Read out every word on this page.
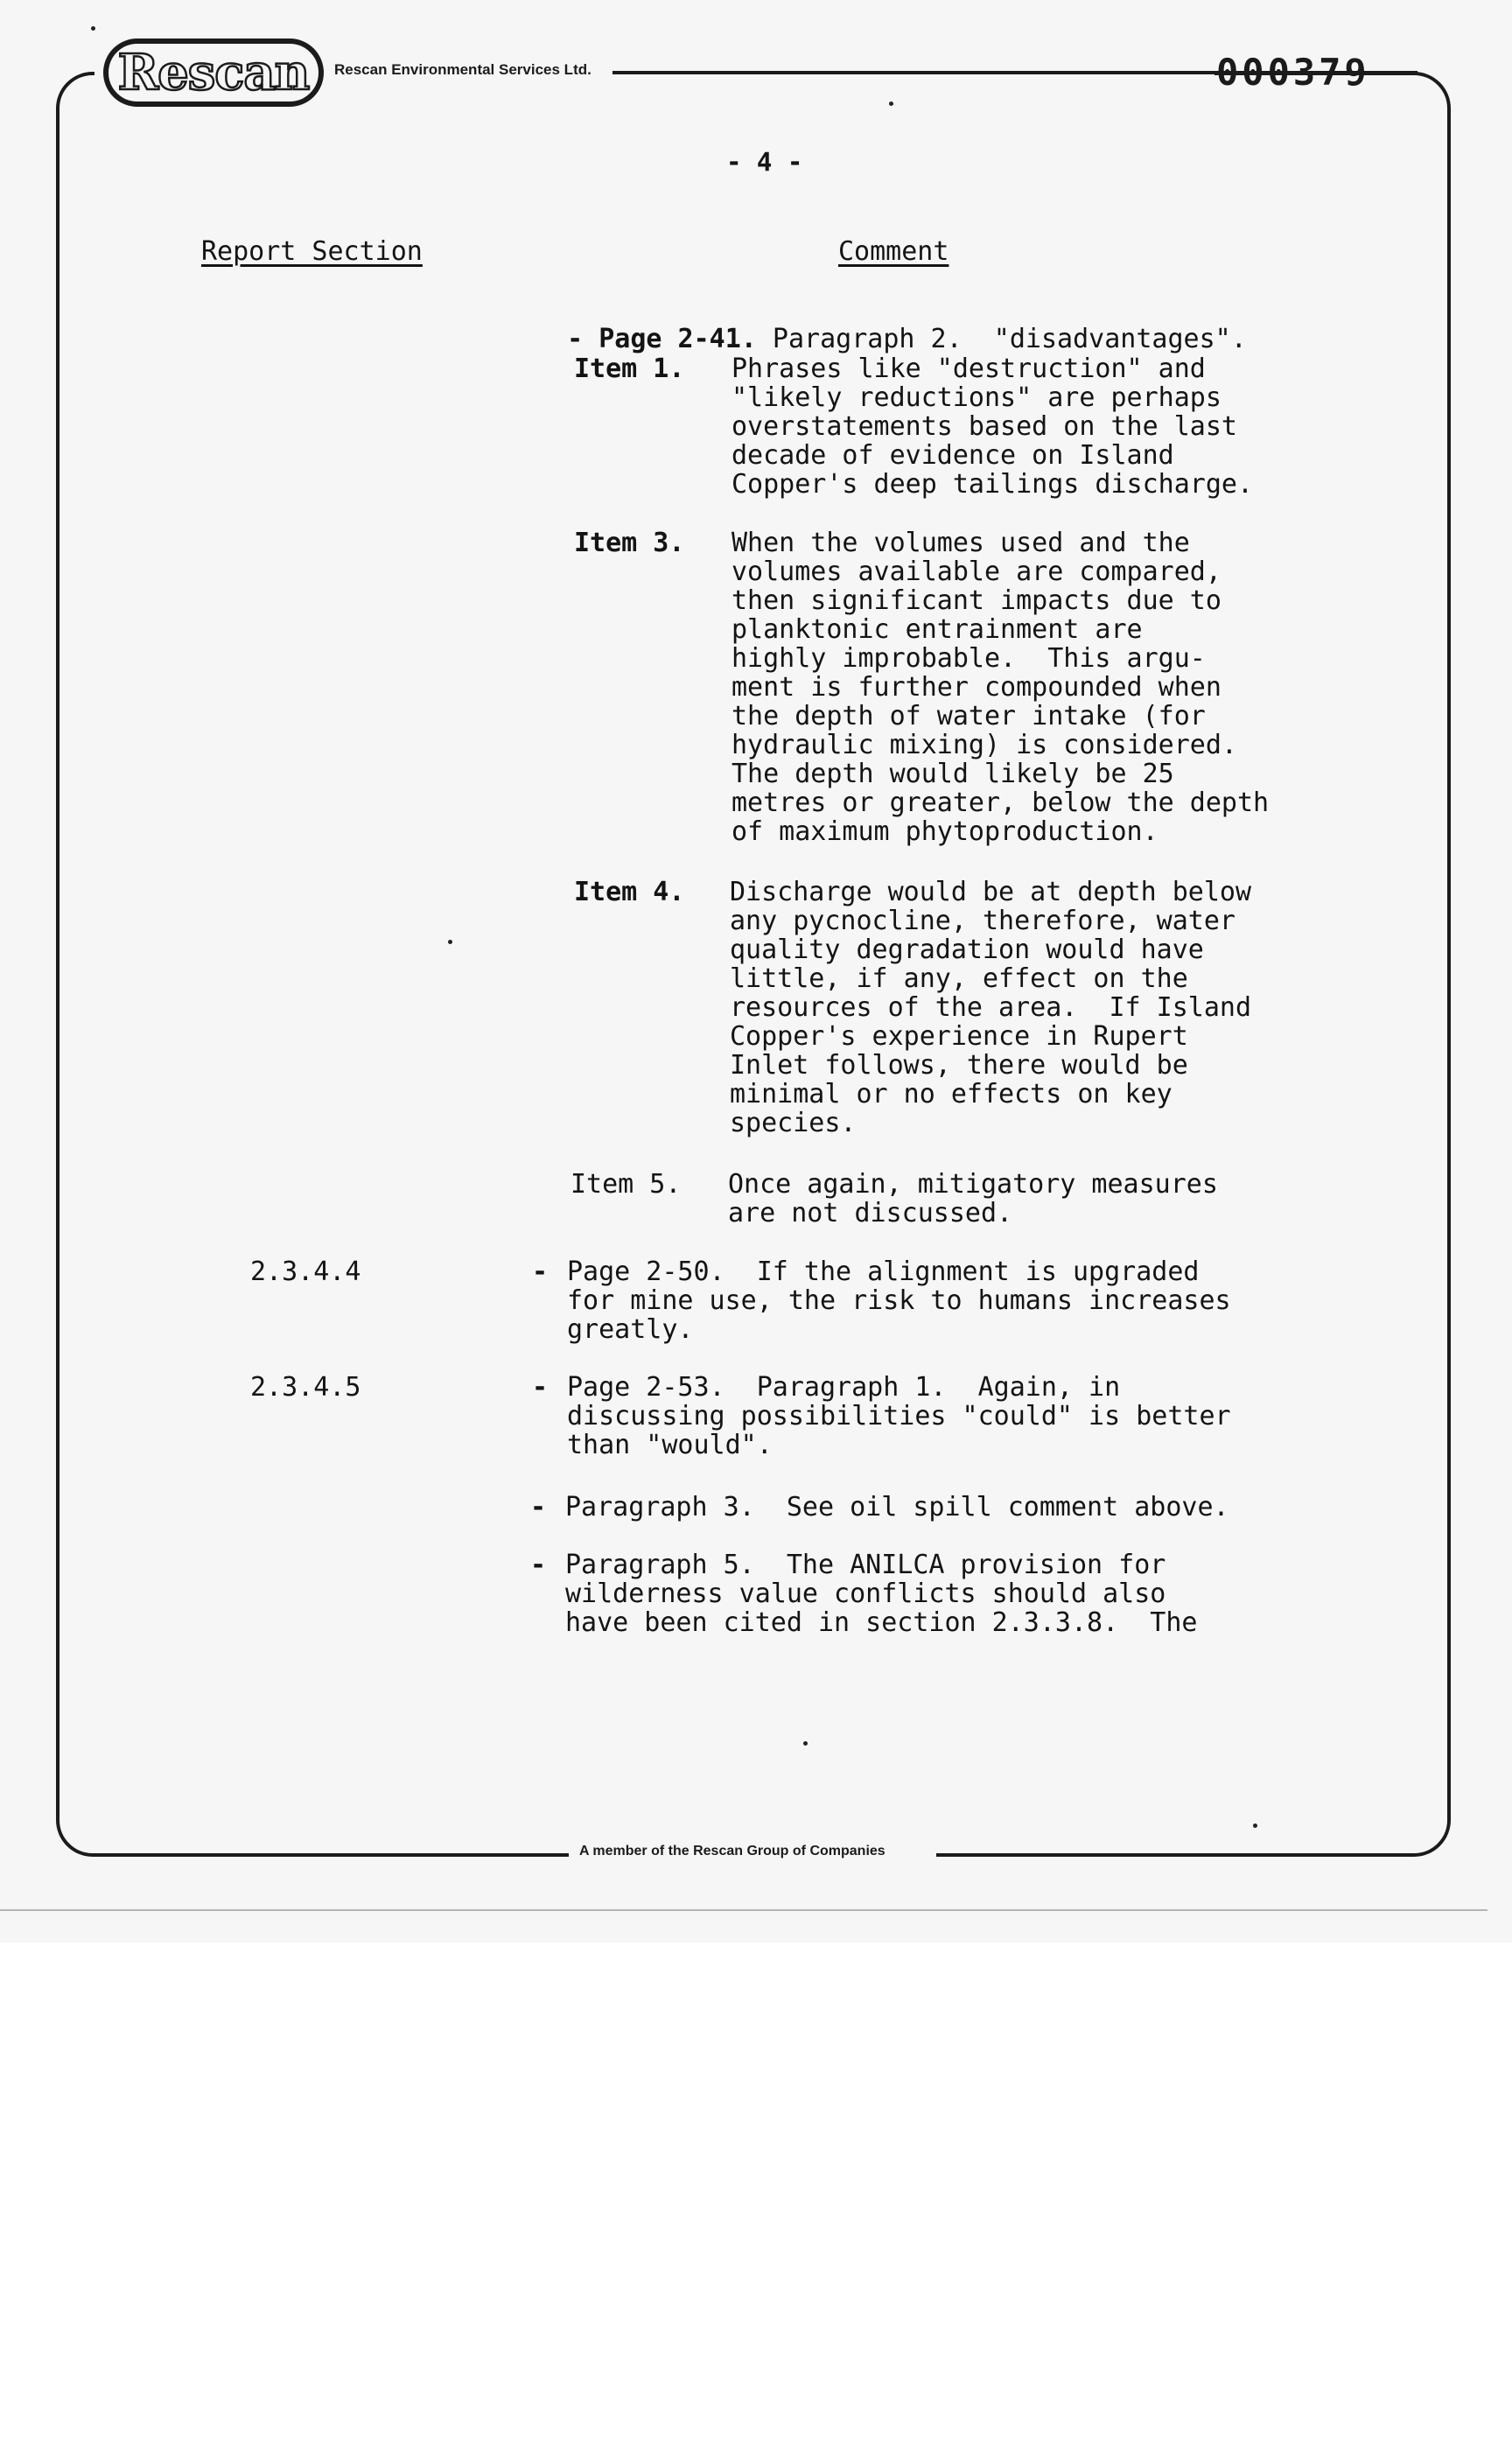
Rescan Rescan Environmental Services Ltd.	000379
- 4 -
Report Section	Comment

- Page 2-41. Paragraph 2.  "disadvantages".

Item 1. Phrases like "destruction" and
"likely reductions" are perhaps
overstatements based on the last
decade of evidence on Island
Copper's deep tailings discharge.
Item 3. When the volumes used and the
volumes available are compared,
then significant impacts due to
planktonic entrainment are
highly improbable.  This argu-
ment is further compounded when
the depth of water intake (for
hydraulic mixing) is considered.
The depth would likely be 25
metres or greater, below the depth
of maximum phytoproduction.
Item 4. Discharge would be at depth below
any pycnocline, therefore, water
quality degradation would have
little, if any, effect on the
resources of the area.  If Island
Copper's experience in Rupert
Inlet follows, there would be
minimal or no effects on key
species.
Item 5. Once again, mitigatory measures
are not discussed.
2.3.4.4	- Page 2-50.  If the alignment is upgraded
for mine use, the risk to humans increases
greatly.
2.3.4.5	- Page 2-53.  Paragraph 1.  Again, in
discussing possibilities "could" is better
than "would".
- Paragraph 3.  See oil spill comment above.
- Paragraph 5.  The ANILCA provision for
wilderness value conflicts should also
have been cited in section 2.3.3.8.  The
A member of the Rescan Group of Companies
